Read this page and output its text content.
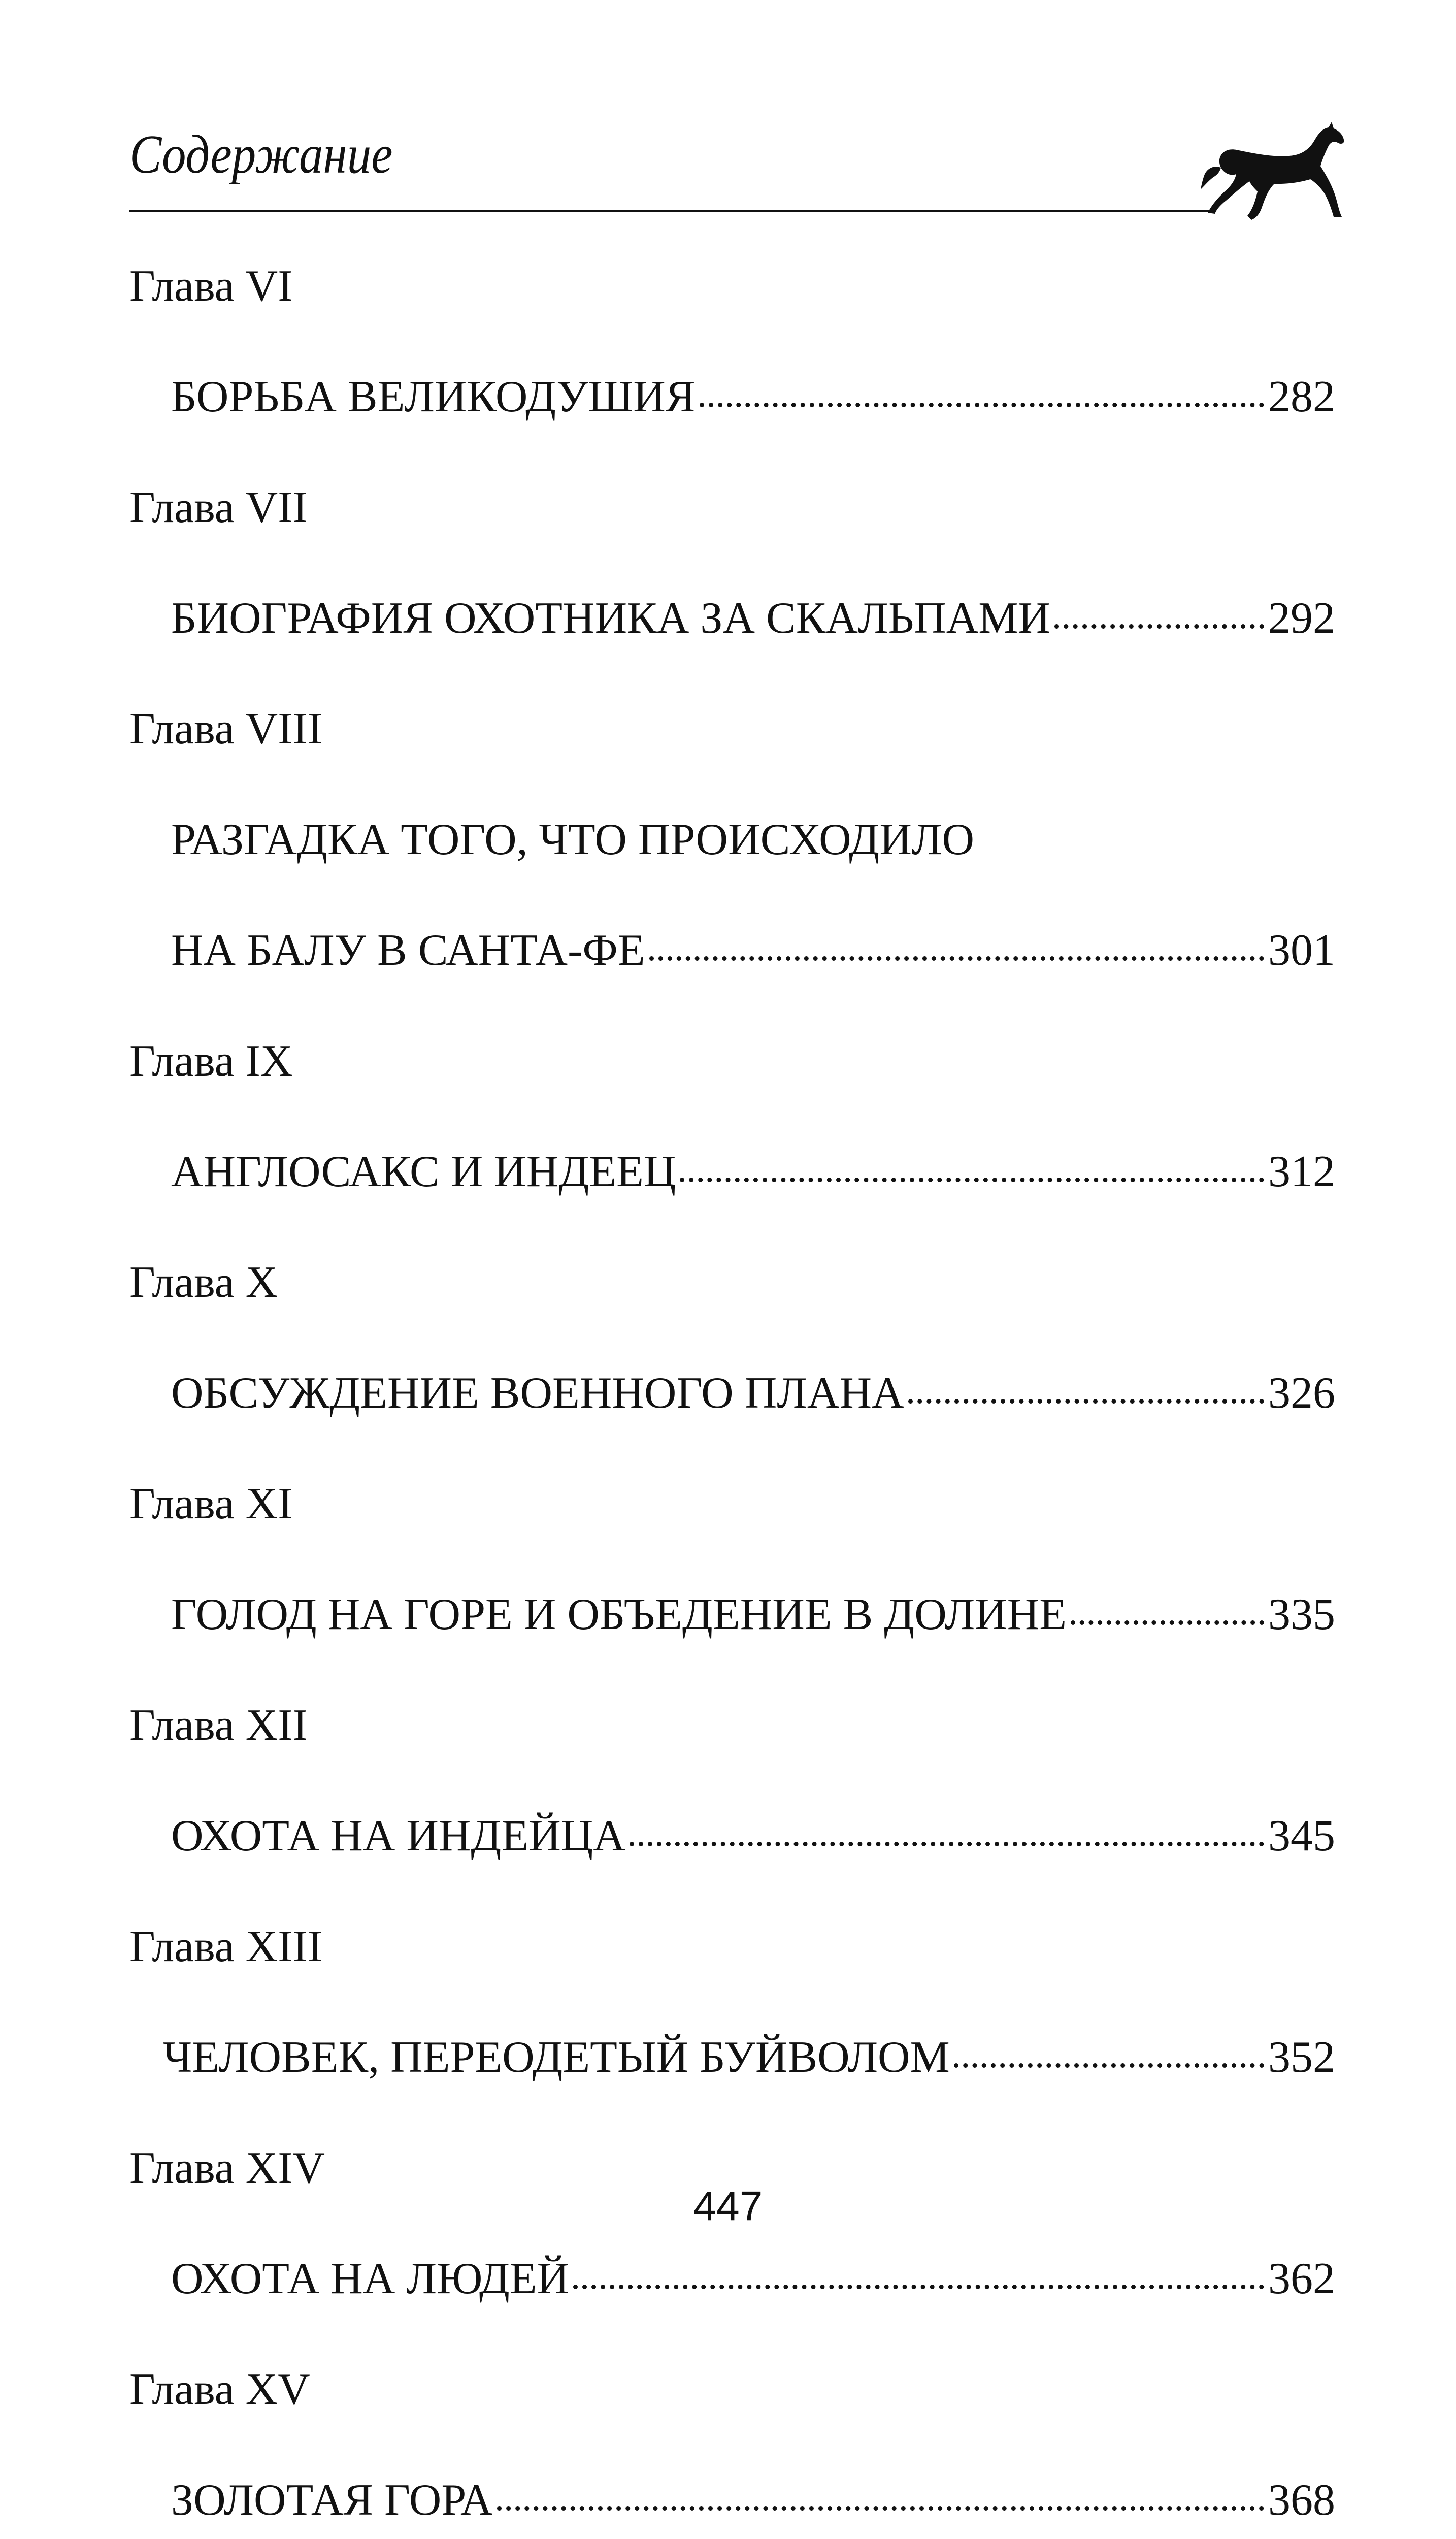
Содержание
Глава VI
БОРЬБА ВЕЛИКОДУШИЯ	282
Глава VII
БИОГРАФИЯ ОХОТНИКА ЗА СКАЛЬПАМИ	292
Глава VIII
РАЗГАДКА ТОГО, ЧТО ПРОИСХОДИЛО
НА БАЛУ В САНТА-ФЕ	301
Глава IX
АНГЛОСАКС И ИНДЕЕЦ	312
Глава X
ОБСУЖДЕНИЕ ВОЕННОГО ПЛАНА	326
Глава XI
ГОЛОД НА ГОРЕ И ОБЪЕДЕНИЕ В ДОЛИНЕ	335
Глава XII
ОХОТА НА ИНДЕЙЦА	345
Глава XIII
ЧЕЛОВЕК, ПЕРЕОДЕТЫЙ БУЙВОЛОМ	352
Глава XIV
ОХОТА НА ЛЮДЕЙ	362
Глава XV
ЗОЛОТАЯ ГОРА	368
447
